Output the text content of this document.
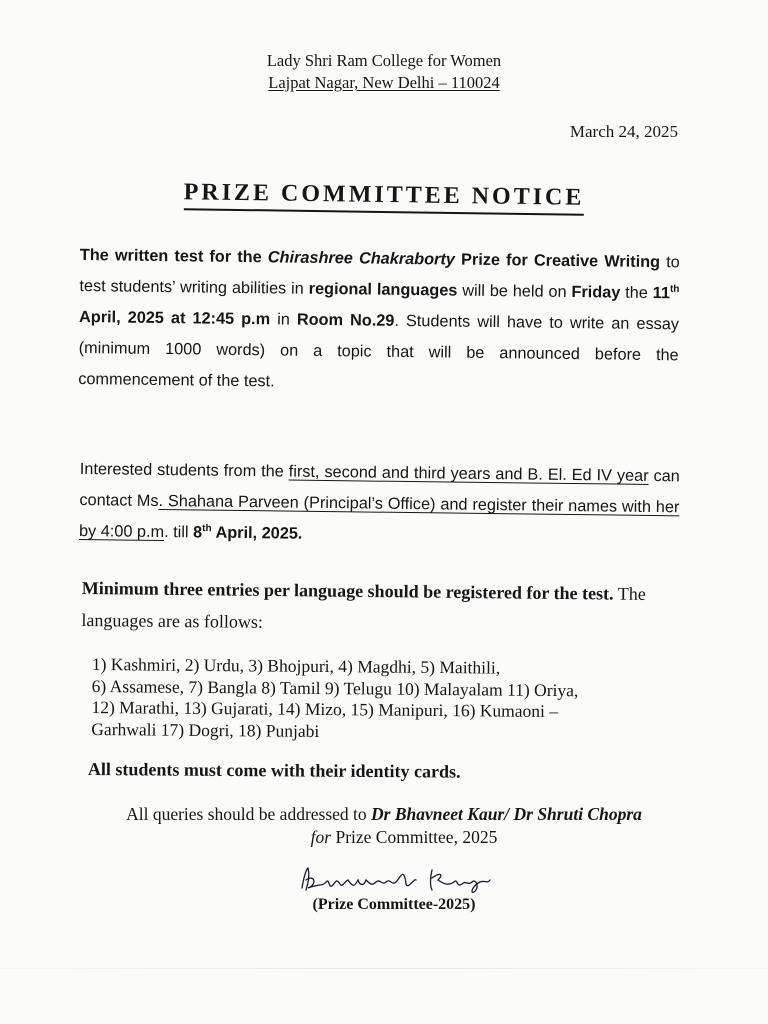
Lady Shri Ram College for Women
Lajpat Nagar, New Delhi – 110024
March 24, 2025
PRIZE COMMITTEE NOTICE
The written test for the Chirashree Chakraborty Prize for Creative Writing to test students’ writing abilities in regional languages will be held on Friday the 11th April, 2025 at 12:45 p.m in Room No.29. Students will have to write an essay (minimum 1000 words) on a topic that will be announced before the commencement of the test.
Interested students from the first, second and third years and B. El. Ed IV year can contact Ms. Shahana Parveen (Principal’s Office) and register their names with her by 4:00 p.m. till 8th April, 2025.
Minimum three entries per language should be registered for the test. The languages are as follows:
1) Kashmiri, 2) Urdu, 3) Bhojpuri, 4) Magdhi, 5) Maithili,
6) Assamese, 7) Bangla 8) Tamil 9) Telugu 10) Malayalam 11) Oriya,
12) Marathi, 13) Gujarati, 14) Mizo, 15) Manipuri, 16) Kumaoni –
Garhwali 17) Dogri, 18) Punjabi
All students must come with their identity cards.
All queries should be addressed to Dr Bhavneet Kaur/ Dr Shruti Chopra
for Prize Committee, 2025
(Prize Committee-2025)
